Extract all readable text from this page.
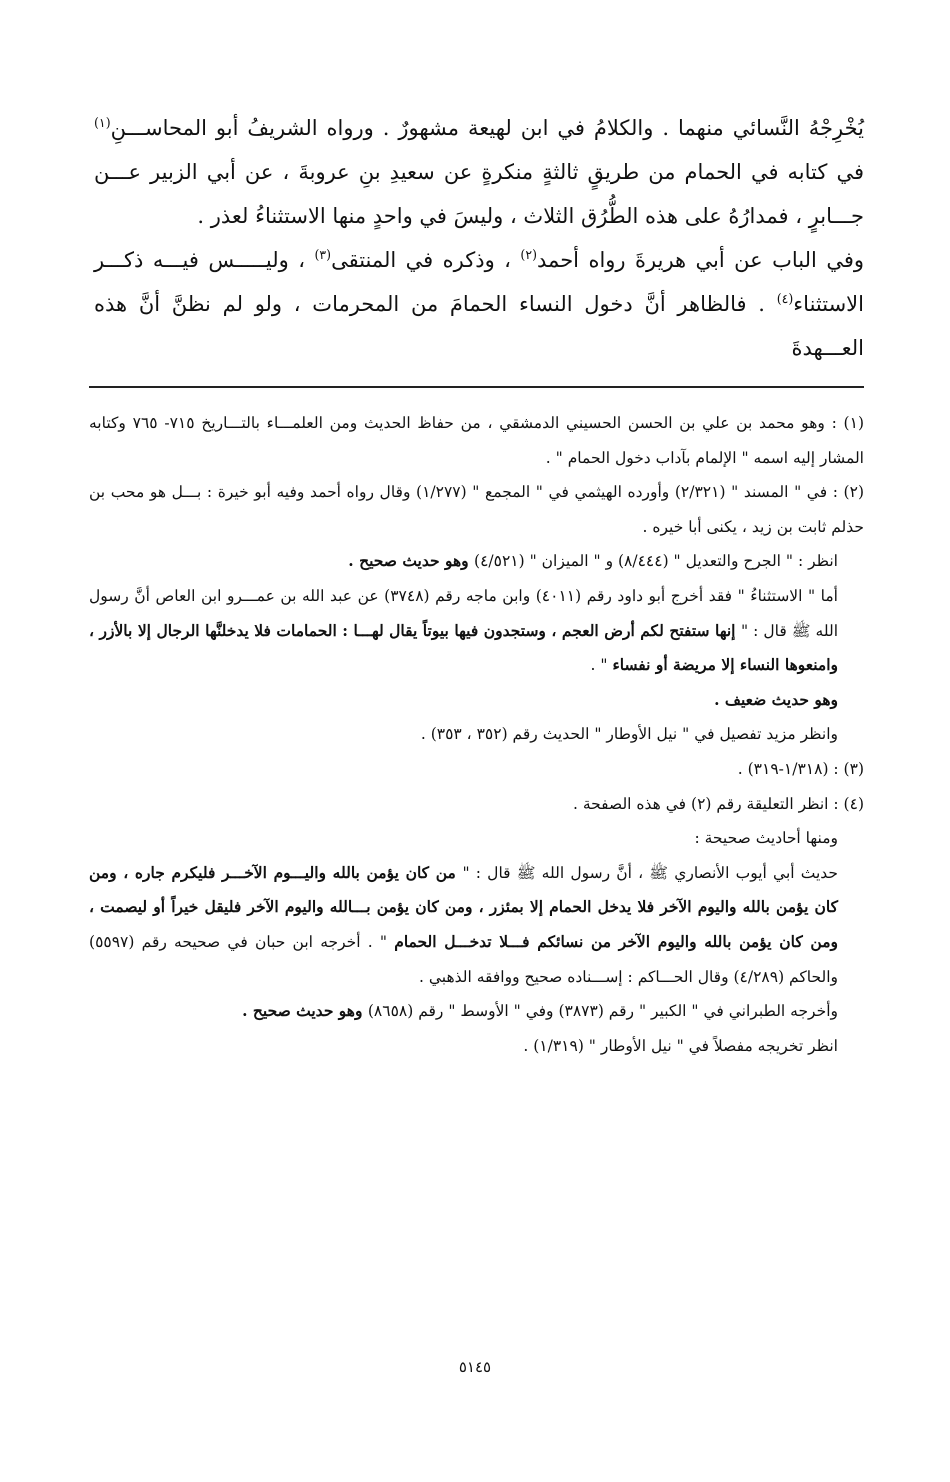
يُخْرِجْهُ النَّسائي منهما . والكلامُ في ابن لهيعة مشهورٌ . ورواه الشريفُ أبو المحاســـنِ$^{(١)}$ في كتابه في الحمام من طريقٍ ثالثةٍ منكرةٍ عن سعيدِ بنِ عروبةَ ، عن أبي الزبير عـــن جـــابرٍ ، فمدارُهُ على هذه الطُّرُق الثلاث ، وليسَ في واحدٍ منها الاستثناءُ لعذر .

وفي الباب عن أبي هريرةَ رواه أحمد$^{(٢)}$ ، وذكره في المنتقى$^{(٣)}$ ، وليـــــس فيـــه ذكـــر الاستثناء$^{(٤)}$ . فالظاهر أنَّ دخول النساء الحمامَ من المحرمات ، ولو لم نظنَّ أنَّ هذه العـــهدةَ

(١) : وهو محمد بن علي بن الحسن الحسيني الدمشقي ، من حفاظ الحديث ومن العلمـــاء بالتـــاريخ ٧١٥- ٧٦٥ وكتابه المشار إليه اسمه " الإلمام بآداب دخول الحمام " .

(٢) : في " المسند " (٢/٣٢١) وأورده الهيثمي في " المجمع " (١/٢٧٧) وقال رواه أحمد وفيه أبو خيرة : بـــل هو محب بن حذلم ثابت بن زيد ، يكنى أبا خيره .

انظر : " الجرح والتعديل " (٨/٤٤٤) و " الميزان " (٤/٥٢١) وهو حديث صحيح .

أما " الاستثناءُ " فقد أخرج أبو داود رقم (٤٠١١) وابن ماجه رقم (٣٧٤٨) عن عبد الله بن عمـــرو ابن العاص أنَّ رسول الله ﷺ قال : " إنها ستفتح لكم أرض العجم ، وستجدون فيها بيوتاً يقال لهـــا : الحمامات فلا يدخلنَّها الرجال إلا بالأزر ، وامنعوها النساء إلا مريضة أو نفساء " .

وهو حديث ضعيف .

وانظر مزيد تفصيل في " نيل الأوطار " الحديث رقم (٣٥٢ ، ٣٥٣) .

(٣) : (١/٣١٨-٣١٩) .

(٤) : انظر التعليقة رقم (٢) في هذه الصفحة .

ومنها أحاديث صحيحة :

حديث أبي أيوب الأنصاري ﷺ ، أنَّ رسول الله ﷺ قال : " من كان يؤمن بالله واليـــوم الآخـــر فليكرم جاره ، ومن كان يؤمن بالله واليوم الآخر فلا يدخل الحمام إلا بمئزر ، ومن كان يؤمن بـــالله واليوم الآخر فليقل خيراً أو ليصمت ، ومن كان يؤمن بالله واليوم الآخر من نسائكم فـــلا تدخـــل الحمام " . أخرجه ابن حبان في صحيحه رقم (٥٥٩٧) والحاكم (٤/٢٨٩) وقال الحـــاكم : إســـناده صحيح ووافقه الذهبي .

وأخرجه الطبراني في " الكبير " رقم (٣٨٧٣) وفي " الأوسط " رقم (٨٦٥٨) وهو حديث صحيح .

انظر تخريجه مفصلاً في " نيل الأوطار " (١/٣١٩) .

٥١٤٥
